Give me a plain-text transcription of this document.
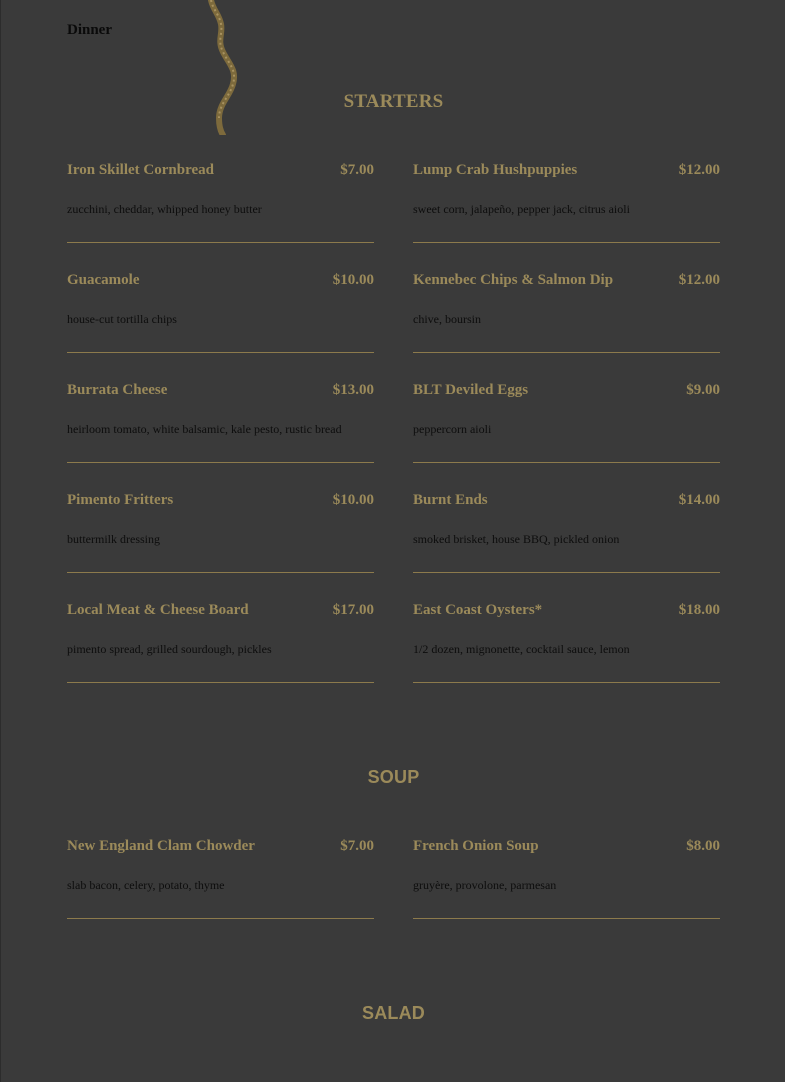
Dinner
STARTERS
Iron Skillet Cornbread	$7.00
zucchini, cheddar, whipped honey butter
Lump Crab Hushpuppies	$12.00
sweet corn, jalapeño, pepper jack, citrus aioli
Guacamole	$10.00
house-cut tortilla chips
Kennebec Chips & Salmon Dip	$12.00
chive, boursin
Burrata Cheese	$13.00
heirloom tomato, white balsamic, kale pesto, rustic bread
BLT Deviled Eggs	$9.00
peppercorn aioli
Pimento Fritters	$10.00
buttermilk dressing
Burnt Ends	$14.00
smoked brisket, house BBQ, pickled onion
Local Meat & Cheese Board	$17.00
pimento spread, grilled sourdough, pickles
East Coast Oysters*	$18.00
1/2 dozen, mignonette, cocktail sauce, lemon
SOUP
New England Clam Chowder	$7.00
slab bacon, celery, potato, thyme
French Onion Soup	$8.00
gruyère, provolone, parmesan
SALAD
